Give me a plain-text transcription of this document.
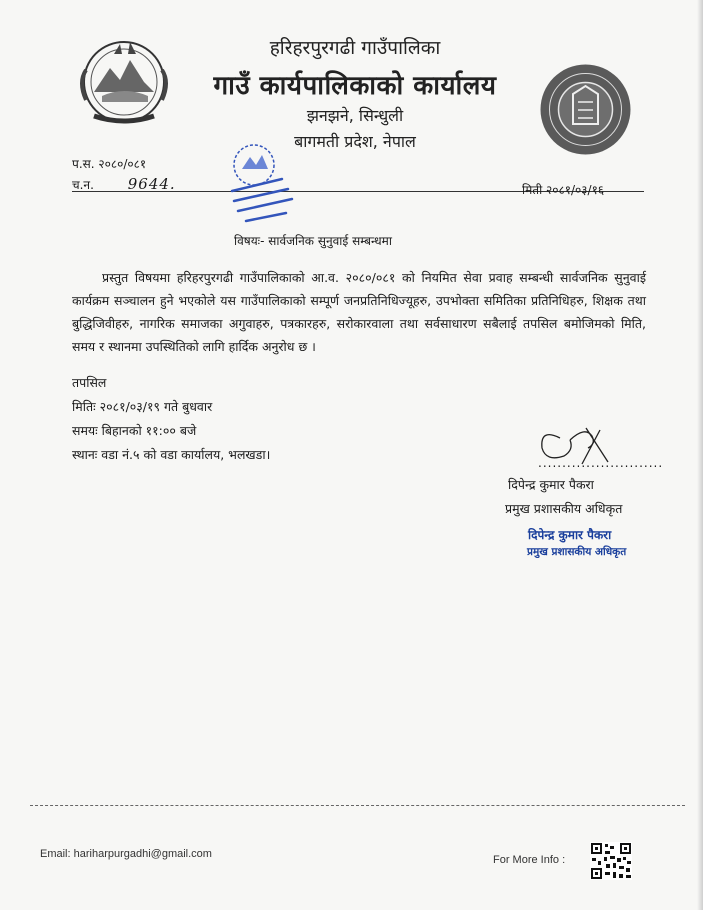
हरिहरपुरगढी गाउँपालिका
गाउँ कार्यपालिकाको कार्यालय
झनझने, सिन्धुली
बागमती प्रदेश, नेपाल
प.स. २०८०/०८१
च.न. 9644.	मिती २०८१/०३/१६
विषयः- सार्वजनिक सुनुवाई सम्बन्धमा

प्रस्तुत विषयमा हरिहरपुरगढी गाउँपालिकाको आ.व. २०८०/०८१ को नियमित सेवा प्रवाह सम्बन्धी सार्वजनिक सुनुवाई कार्यक्रम सञ्चालन हुने भएकोले यस गाउँपालिकाको सम्पूर्ण जनप्रतिनिधिज्यूहरु, उपभोक्ता समितिका प्रतिनिधिहरु, शिक्षक तथा बुद्धिजिवीहरु, नागरिक समाजका अगुवाहरु, पत्रकारहरु, सरोकारवाला तथा सर्वसाधारण सबैलाई तपसिल बमोजिमको मिति, समय र स्थानमा उपस्थितिको लागि हार्दिक अनुरोध छ ।

तपसिल
मितिः २०८१/०३/१९ गते बुधवार
समयः बिहानको ११:०० बजे
स्थानः वडा नं.५ को वडा कार्यालय, भलखडा।
..........................
दिपेन्द्र कुमार पैकरा
प्रमुख प्रशासकीय अधिकृत
दिपेन्द्र कुमार पैकरा
प्रमुख प्रशासकीय अधिकृत
Email: hariharpurgadhi@gmail.com	For More Info :
